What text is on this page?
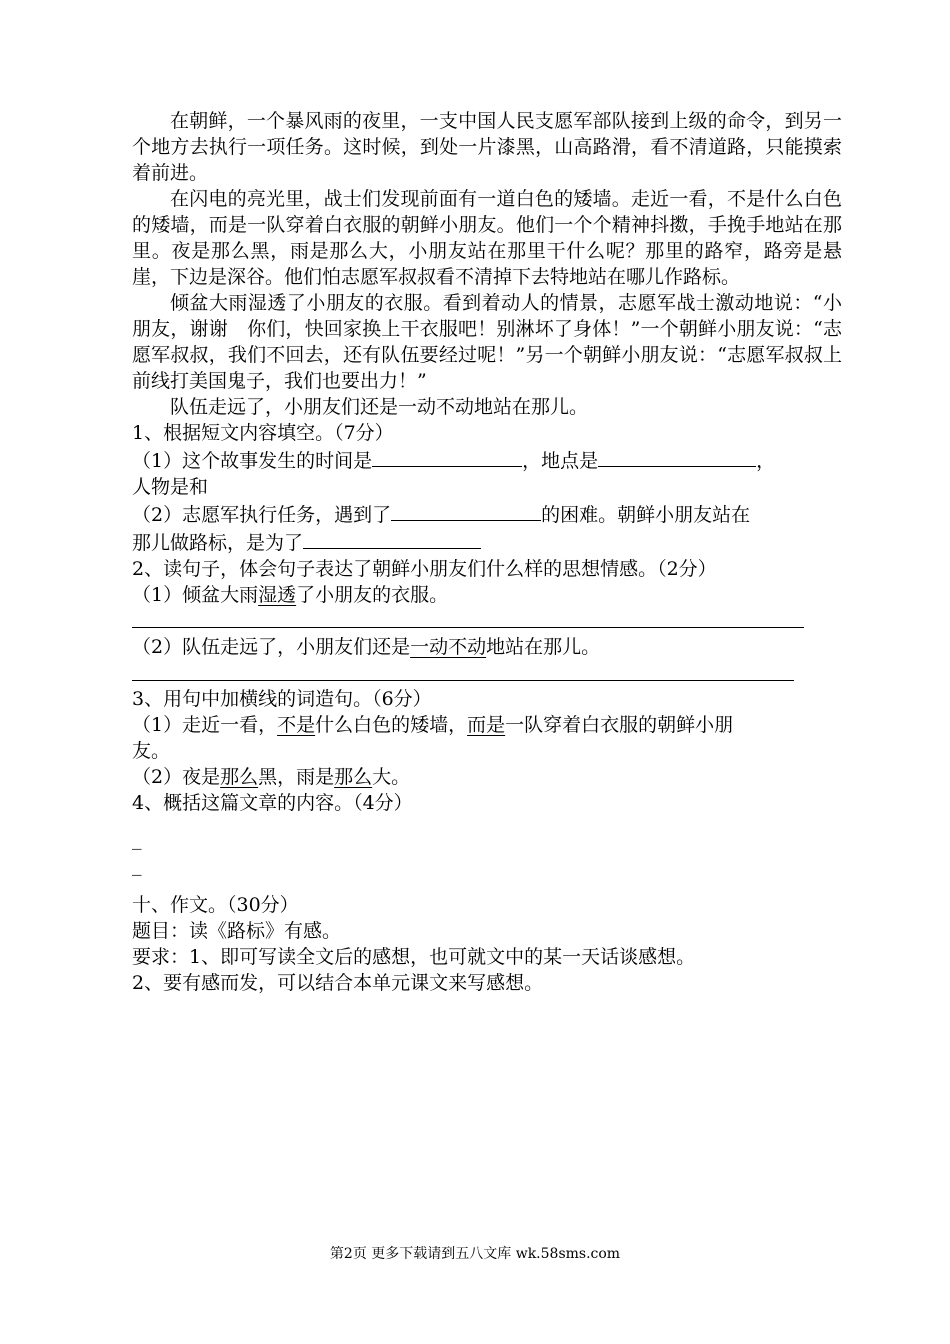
在朝鲜，一个暴风雨的夜里，一支中国人民支愿军部队接到上级的命令，到另一个地方去执行一项任务。这时候，到处一片漆黑，山高路滑，看不清道路，只能摸索着前进。

在闪电的亮光里，战士们发现前面有一道白色的矮墙。走近一看，不是什么白色的矮墙，而是一队穿着白衣服的朝鲜小朋友。他们一个个精神抖擞，手挽手地站在那里。夜是那么黑，雨是那么大，小朋友站在那里干什么呢？那里的路窄，路旁是悬崖，下边是深谷。他们怕志愿军叔叔看不清掉下去特地站在哪儿作路标。

倾盆大雨湿透了小朋友的衣服。看到着动人的情景，志愿军战士激动地说：“小朋友，谢谢　你们，快回家换上干衣服吧！别淋坏了身体！”一个朝鲜小朋友说：“志愿军叔叔，我们不回去，还有队伍要经过呢！”另一个朝鲜小朋友说：“志愿军叔叔上前线打美国鬼子，我们也要出力！”

队伍走远了，小朋友们还是一动不动地站在那儿。

1、根据短文内容填空。（7分）

（1）这个故事发生的时间是	，地点是	，

人物是和

（2）志愿军执行任务，遇到了	的困难。朝鲜小朋友站在

那儿做路标，是为了

2、读句子，体会句子表达了朝鲜小朋友们什么样的思想情感。（2分）

（1）倾盆大雨湿透了小朋友的衣服。

（2）队伍走远了，小朋友们还是一动不动地站在那儿。

3、用句中加横线的词造句。（6分）

（1）走近一看，不是什么白色的矮墙，而是一队穿着白衣服的朝鲜小朋

友。

（2）夜是那么黑，雨是那么大。

4、概括这篇文章的内容。（4分）

_

_

十、作文。（30分）

题目：读《路标》有感。

要求：1、即可写读全文后的感想，也可就文中的某一天话谈感想。

2、要有感而发，可以结合本单元课文来写感想。

第2页 更多下载请到五八文库 wk.58sms.com
